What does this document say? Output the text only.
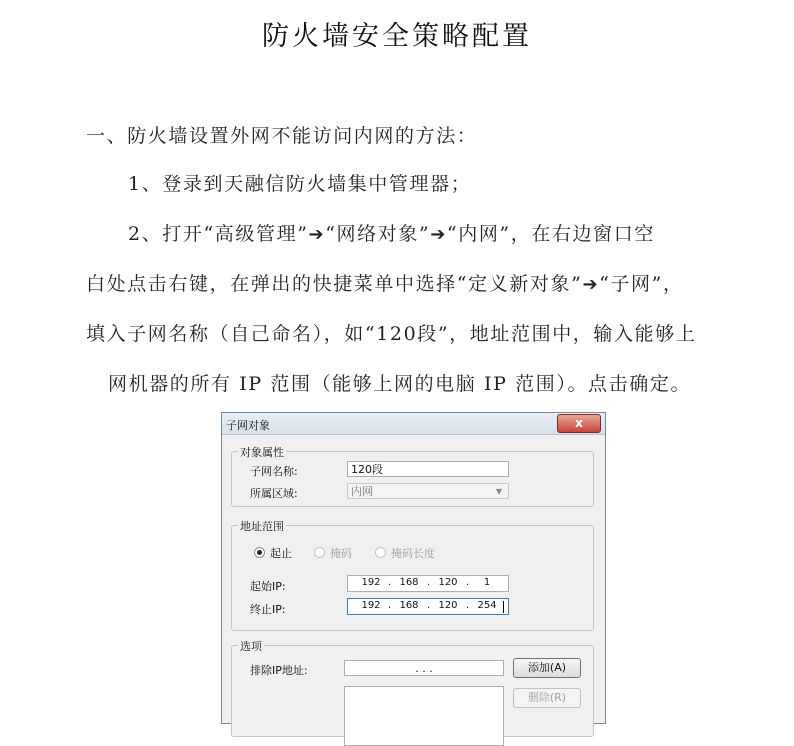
防火墙安全策略配置
一、防火墙设置外网不能访问内网的方法：
1、登录到天融信防火墙集中管理器；
2、打开“高级管理”➔“网络对象”➔“内网”，在右边窗口空
白处点击右键，在弹出的快捷菜单中选择“定义新对象”➔“子网”，
填入子网名称（自己命名），如“120段”，地址范围中，输入能够上
网机器的所有 IP 范围（能够上网的电脑 IP 范围）。点击确定。
子网对象	x
对象属性
子网名称:	120段
所属区域:	内网	▼
地址范围
起止	掩码	掩码长度
起始IP:	192 . 168 . 120 .	1
终止IP:	192 . 168 . 120 . 254
选项
排除IP地址:	. . .	添加(A)
删除(R)
